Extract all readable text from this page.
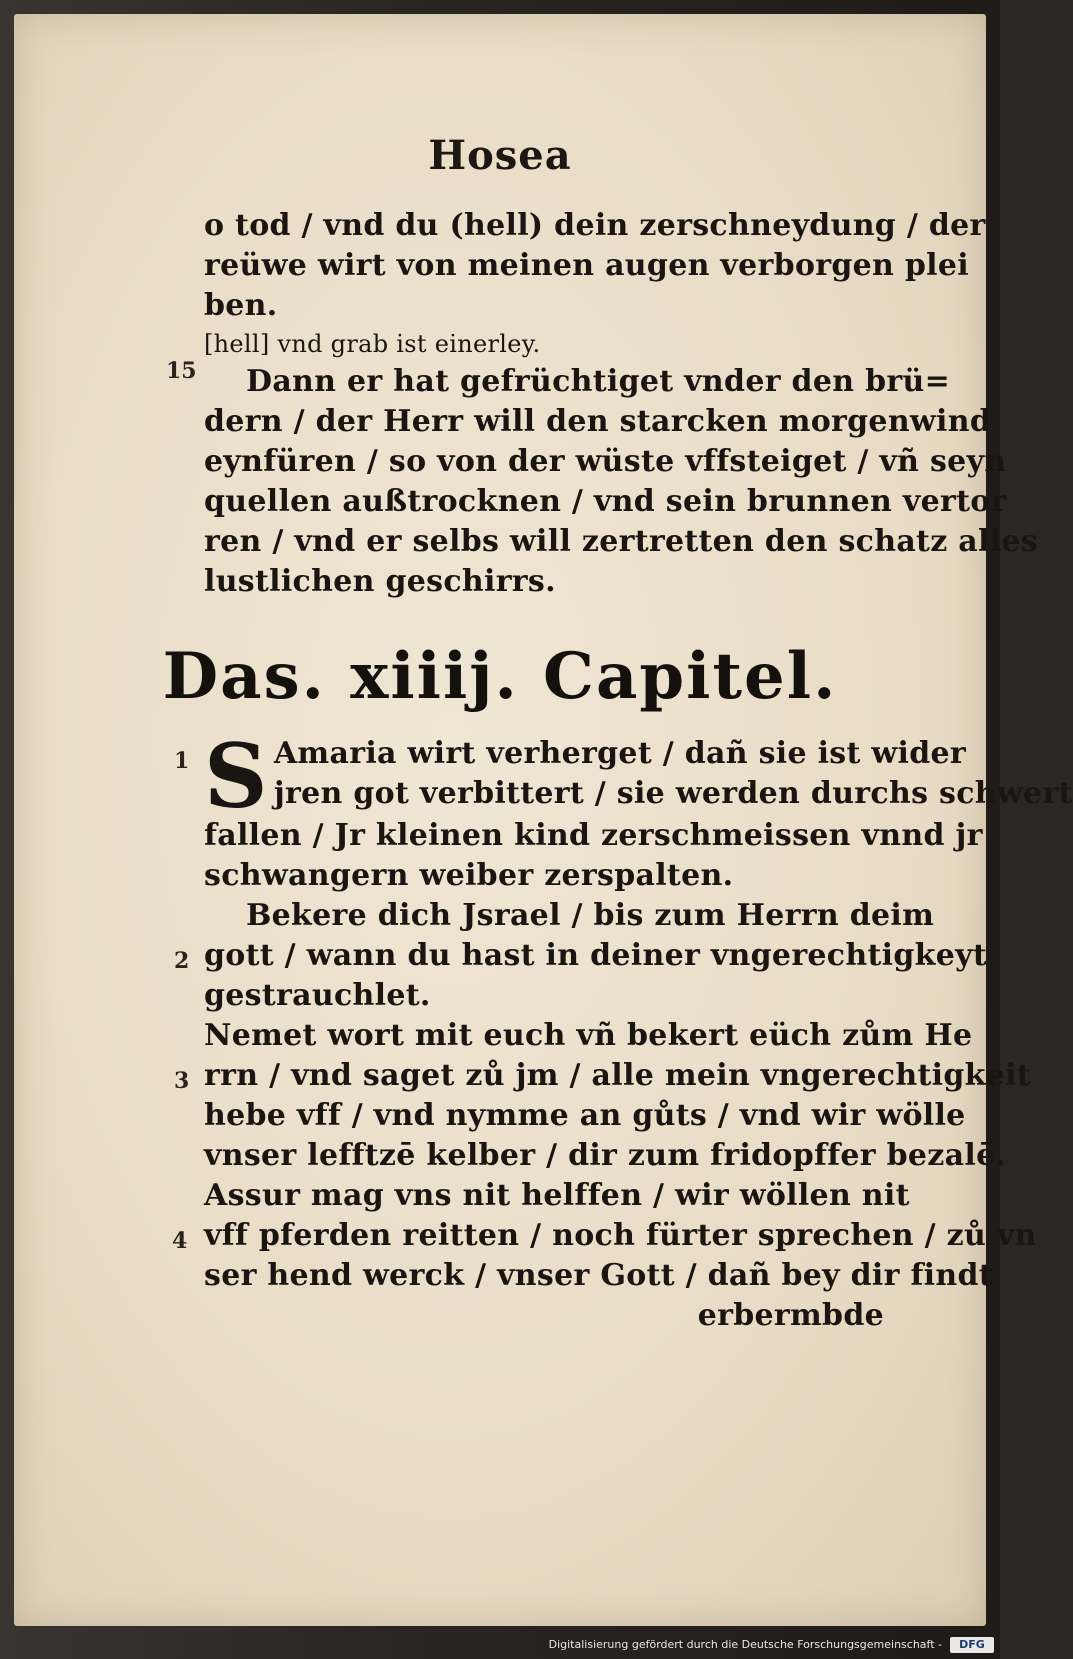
Hosea
o tod / vnd du (hell) dein zerschneydung / der
reüwe wirt von meinen augen verborgen plei
ben.
[hell] vnd grab ist einerley.
Dann er hat gefrüchtiget vnder den brü=
dern / der Herr will den starcken morgenwind
eynfüren / so von der wüste vffsteiget / vñ seyn
quellen außtrocknen / vnd sein brunnen vertor
ren / vnd er selbs will zertretten den schatz alles
lustlichen geschirrs.
15
Das. xiiij. Capitel.
S Amaria wirt verherget / dañ sie ist wider
jren got verbittert / sie werden durchs schwert
fallen / Jr kleinen kind zerschmeissen vnnd jr
schwangern weiber zerspalten.
Bekere dich Jsrael / bis zum Herrn deim
gott / wann du hast in deiner vngerechtigkeyt
gestrauchlet.
Nemet wort mit euch vñ bekert eüch zům He
rrn / vnd saget zů jm / alle mein vngerechtigkeit
hebe vff / vnd nymme an gůts / vnd wir wölle
vnser lefftzē kelber / dir zum fridopffer bezalē.
Assur mag vns nit helffen / wir wöllen nit
vff pferden reitten / noch fürter sprechen / zů vn
ser hend werck / vnser Gott / dañ bey dir findt
erbermbde
1
2
3
4
Digitalisierung gefördert durch die Deutsche Forschungsgemeinschaft -	DFG
